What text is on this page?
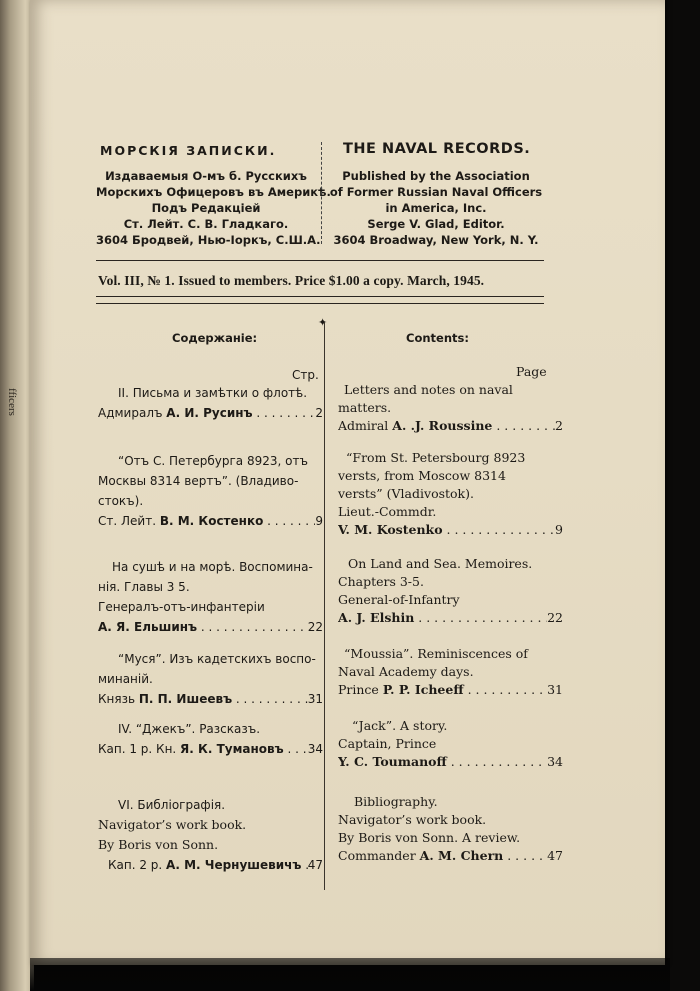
fficers
МОРСКІЯ ЗАПИСКИ.
Издаваемыя О-мъ б. Русскихъ
Морскихъ Офицеровъ въ Америкѣ.
Подъ Редакціей
Ст. Лейт. С. В. Гладкаго.
3604 Бродвей, Нью-Іоркъ, С.Ш.А.
THE NAVAL RECORDS.
Published by the Association
of Former Russian Naval Officers
in America, Inc.
Serge V. Glad, Editor.
3604 Broadway, New York, N. Y.
Vol. III, № 1. Issued to members. Price $1.00 a copy. March, 1945.
✦
Содержаніе:	Contents:
Стр.	Page
II. Письма и замѣтки о флотѣ.
Адмиралъ А. И. Русинъ . . .	2
“Отъ С. Петербурга 8923, отъ
Москвы 8314 вертъ”. (Владиво-
стокъ).
Ст. Лейт. В. М. Костенко . . .	9
На сушѣ и на морѣ. Воспомина-
нія. Главы 3 5.
Генералъ-отъ-инфантеріи
А. Я. Ельшинъ . . .	22
“Муся”. Изъ кадетскихъ воспо-
минаній.
Князь П. П. Ишеевъ . . .	31
IV. “Джекъ”. Разсказъ.
Кап. 1 р. Кн. Я. К. Тумановъ . . .	34
VI. Библіографія.
Navigator’s work book.
By Boris von Sonn.
Кап. 2 р. А. М. Чернушевичъ . . . 47
Letters and notes on naval
matters.
Admiral A. .J. Roussine . . .	2
“From St. Petersbourg 8923
versts, from Moscow 8314
versts” (Vladivostok).
Lieut.-Commdr.
V. M. Kostenko . . .	9
On Land and Sea. Memoires.
Chapters 3-5.
General-of-Infantry
A. J. Elshin . . .	22
“Moussia”. Reminiscences of
Naval Academy days.
Prince P. P. Icheeff . . .	31
“Jack”. A story.
Captain, Prince
Y. C. Toumanoff . . .	34
Bibliography.
Navigator’s work book.
By Boris von Sonn. A review.
Commander A. M. Chern . . .	47
